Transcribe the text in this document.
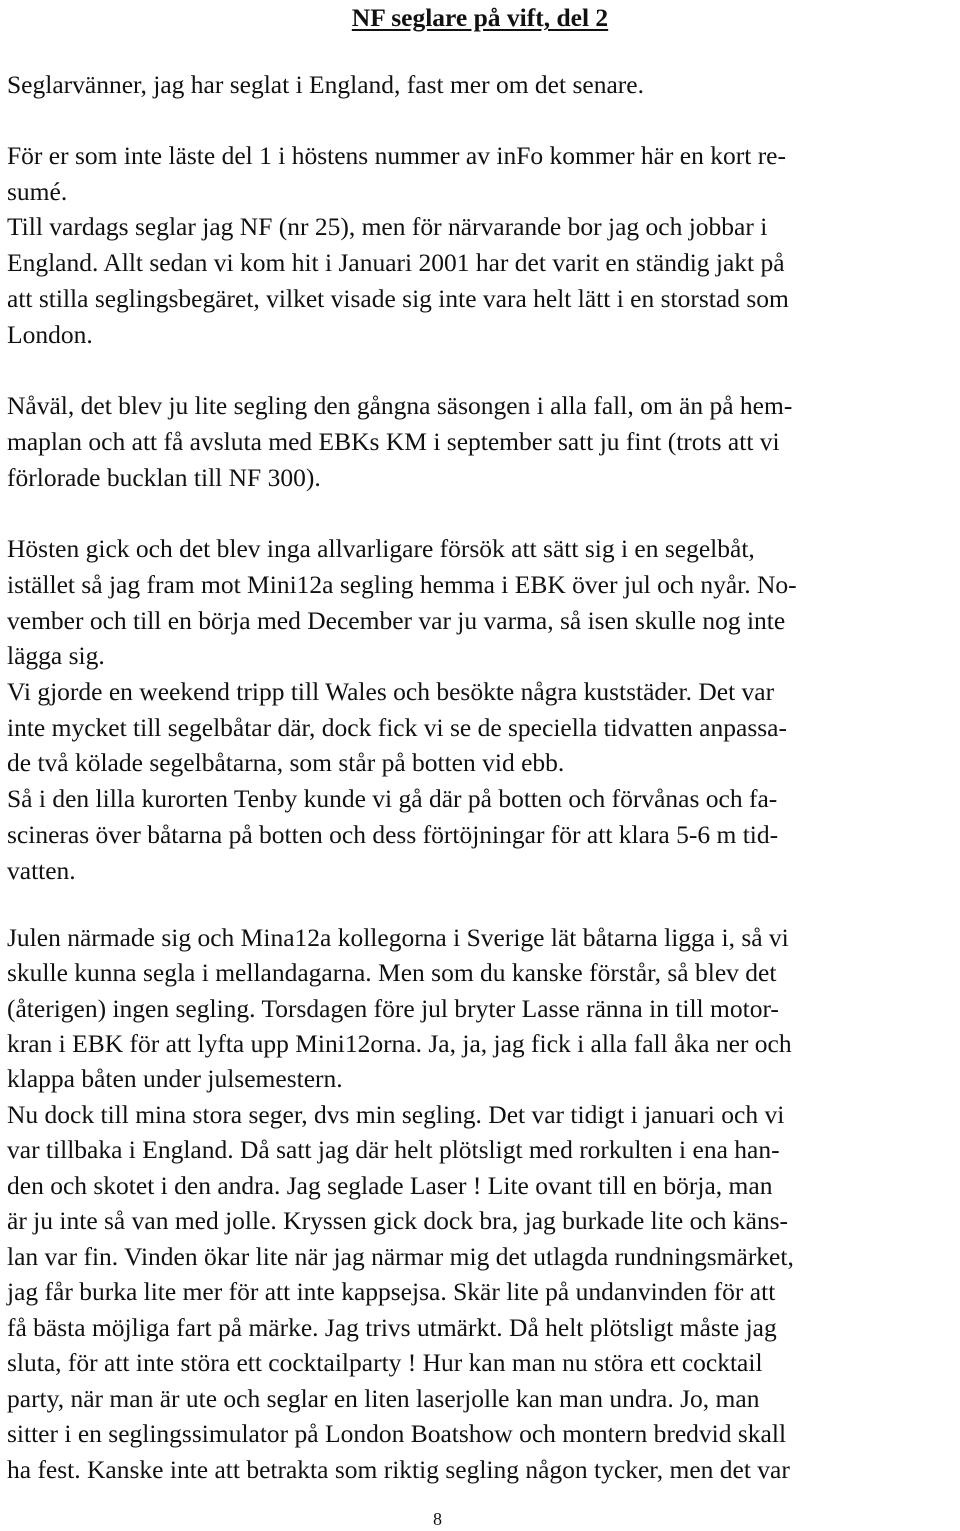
NF seglare på vift, del 2

Seglarvänner, jag har seglat i England, fast mer om det senare.

För er som inte läste del 1 i höstens nummer av inFo kommer här en kort re-

sumé.

Till vardags seglar jag NF (nr 25), men för närvarande bor jag och jobbar i

England. Allt sedan vi kom hit i Januari 2001 har det varit en ständig jakt på

att stilla seglingsbegäret, vilket visade sig inte vara helt lätt i en storstad som

London.

Nåväl, det blev ju lite segling den gångna säsongen i alla fall, om än på hem-

maplan och att få avsluta med EBKs KM i september satt ju fint (trots att vi

förlorade bucklan till NF 300).

Hösten gick och det blev inga allvarligare försök att sätt sig i en segelbåt,

istället så jag fram mot Mini12a segling hemma i EBK över jul och nyår. No-

vember och till en börja med December var ju varma, så isen skulle nog inte

lägga sig.

Vi gjorde en weekend tripp till Wales och besökte några kuststäder. Det var

inte mycket till segelbåtar där, dock fick vi se de speciella tidvatten anpassa-

de två kölade segelbåtarna, som står på botten vid ebb.

Så i den lilla kurorten Tenby kunde vi gå där på botten och förvånas och fa-

scineras över båtarna på botten och dess förtöjningar för att klara 5-6 m tid-

vatten.

Julen närmade sig och Mina12a kollegorna i Sverige lät båtarna ligga i, så vi

skulle kunna segla i mellandagarna. Men som du kanske förstår, så blev det

(återigen) ingen segling. Torsdagen före jul bryter Lasse ränna in till motor-

kran i EBK för att lyfta upp Mini12orna. Ja, ja, jag fick i alla fall åka ner och

klappa båten under julsemestern.

Nu dock till mina stora seger, dvs min segling. Det var tidigt i januari och vi

var tillbaka i England. Då satt jag där helt plötsligt med rorkulten i ena han-

den och skotet i den andra. Jag seglade Laser ! Lite ovant till en börja, man

är ju inte så van med jolle. Kryssen gick dock bra, jag burkade lite och käns-

lan var fin. Vinden ökar lite när jag närmar mig det utlagda rundningsmärket,

jag får burka lite mer för att inte kappsejsa. Skär lite på undanvinden för att

få bästa möjliga fart på märke. Jag trivs utmärkt. Då helt plötsligt måste jag

sluta, för att inte störa ett cocktailparty ! Hur kan man nu störa ett cocktail

party, när man är ute och seglar en liten laserjolle kan man undra. Jo, man

sitter i en seglingssimulator på London Boatshow och montern bredvid skall

ha fest. Kanske inte att betrakta som riktig segling någon tycker, men det var

8
